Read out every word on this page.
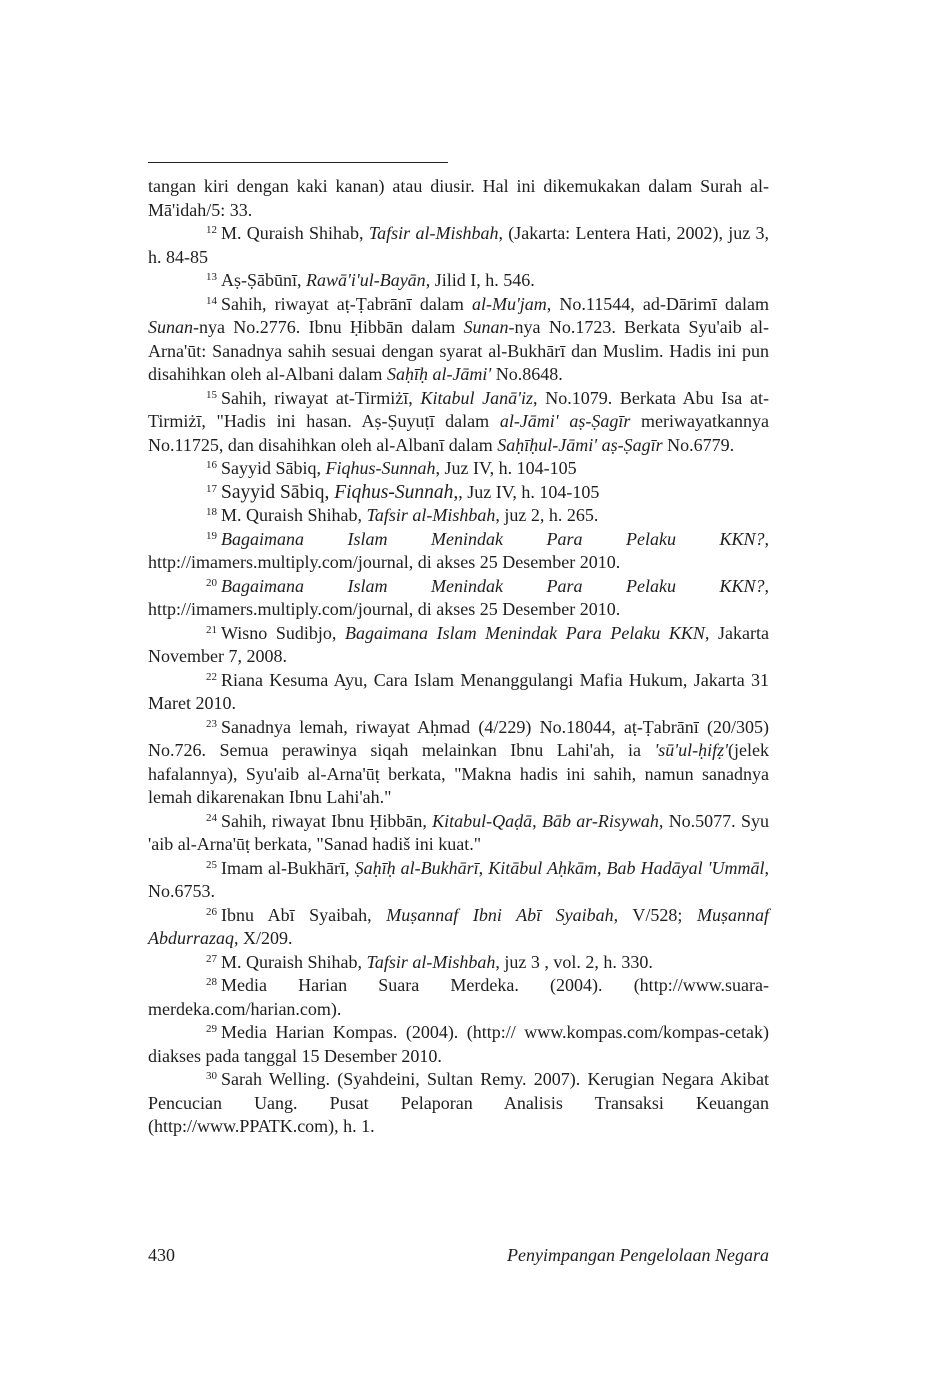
tangan kiri dengan kaki kanan) atau diusir. Hal ini dikemukakan dalam Surah al-Mā'idah/5: 33.

$^{12}$ M. Quraish Shihab, Tafsir al-Mishbah, (Jakarta: Lentera Hati, 2002), juz 3, h. 84-85

$^{13}$ Aṣ-Ṣābūnī, Rawā'i'ul-Bayān, Jilid I, h. 546.

$^{14}$ Sahih, riwayat aṭ-Ṭabrānī dalam al-Mu'jam, No.11544, ad-Dārimī dalam Sunan-nya No.2776. Ibnu Ḥibbān dalam Sunan-nya No.1723. Berkata Syu'aib al-Arna'ūt: Sanadnya sahih sesuai dengan syarat al-Bukhārī dan Muslim. Hadis ini pun disahihkan oleh al-Albani dalam Saḥīḥ al-Jāmi' No.8648.

$^{15}$ Sahih, riwayat at-Tirmiżī, Kitabul Janā'iz, No.1079. Berkata Abu Isa at-Tirmiżī, "Hadis ini hasan. Aṣ-Ṣuyuṭī dalam al-Jāmi' aṣ-Ṣagīr meriwayatkannya No.11725, dan disahihkan oleh al-Albanī dalam Saḥīḥul-Jāmi' aṣ-Ṣagīr No.6779.

$^{16}$ Sayyid Sābiq, Fiqhus-Sunnah, Juz IV, h. 104-105

$^{17}$ Sayyid Sābiq, Fiqhus-Sunnah,, Juz IV, h. 104-105

$^{18}$ M. Quraish Shihab, Tafsir al-Mishbah, juz 2, h. 265.

$^{19}$ Bagaimana Islam Menindak Para Pelaku KKN?, http://imamers.multiply.com/journal, di akses 25 Desember 2010.

$^{20}$ Bagaimana Islam Menindak Para Pelaku KKN?, http://imamers.multiply.com/journal, di akses 25 Desember 2010.

$^{21}$ Wisno Sudibjo, Bagaimana Islam Menindak Para Pelaku KKN, Jakarta November 7, 2008.

$^{22}$ Riana Kesuma Ayu, Cara Islam Menanggulangi Mafia Hukum, Jakarta 31 Maret 2010.

$^{23}$ Sanadnya lemah, riwayat Aḥmad (4/229) No.18044, aṭ-Ṭabrānī (20/305) No.726. Semua perawinya siqah melainkan Ibnu Lahi'ah, ia 'sū'ul-ḥifẓ'(jelek hafalannya), Syu'aib al-Arna'ūṭ berkata, "Makna hadis ini sahih, namun sanadnya lemah dikarenakan Ibnu Lahi'ah."

$^{24}$ Sahih, riwayat Ibnu Ḥibbān, Kitabul-Qaḍā, Bāb ar-Risywah, No.5077. Syu 'aib al-Arna'ūṭ berkata, "Sanad hadiš ini kuat."

$^{25}$ Imam al-Bukhārī, Ṣaḥīḥ al-Bukhārī, Kitābul Aḥkām, Bab Hadāyal 'Ummāl, No.6753.

$^{26}$ Ibnu Abī Syaibah, Muṣannaf Ibni Abī Syaibah, V/528; Muṣannaf Abdurrazaq, X/209.

$^{27}$ M. Quraish Shihab, Tafsir al-Mishbah, juz 3 , vol. 2, h. 330.

$^{28}$ Media Harian Suara Merdeka. (2004). (http://www.suara-merdeka.com/harian.com).

$^{29}$ Media Harian Kompas. (2004). (http:// www.kompas.com/kompas-cetak) diakses pada tanggal 15 Desember 2010.

$^{30}$ Sarah Welling. (Syahdeini, Sultan Remy. 2007). Kerugian Negara Akibat Pencucian Uang. Pusat Pelaporan Analisis Transaksi Keuangan (http://www.PPATK.com), h. 1.

430	Penyimpangan Pengelolaan Negara
